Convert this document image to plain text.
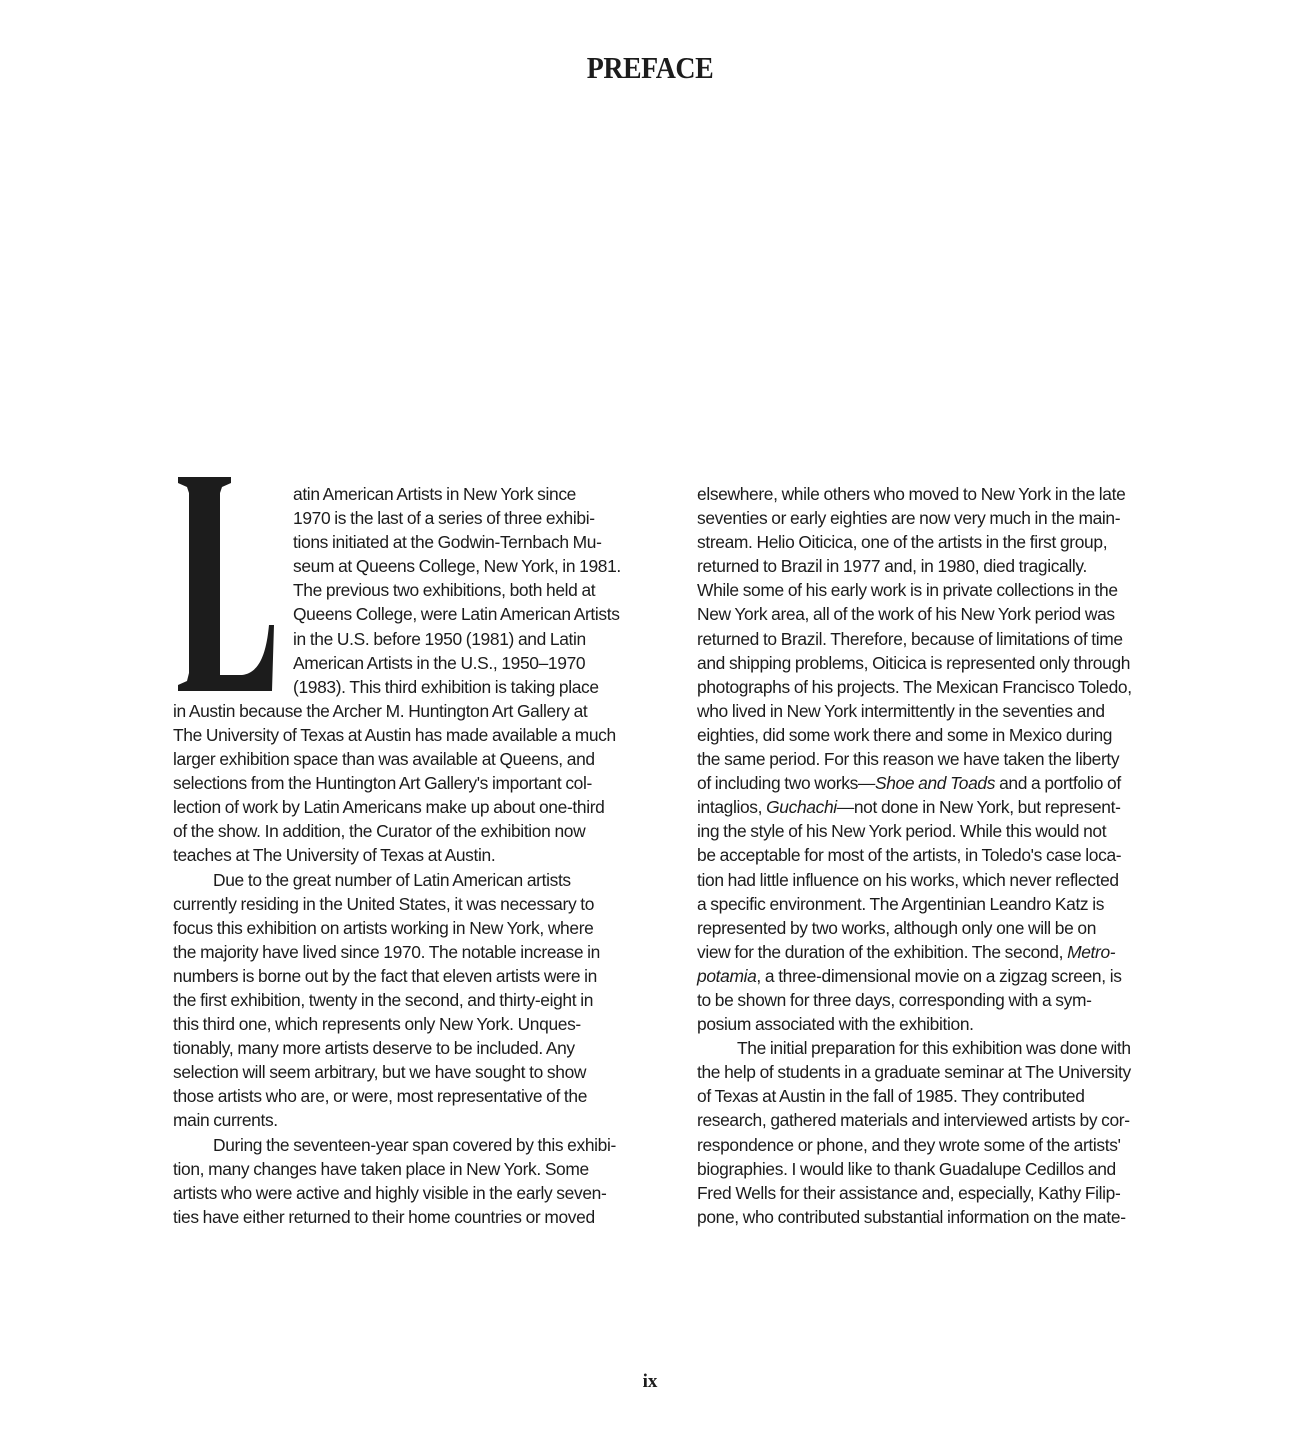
PREFACE

atin American Artists in New York since
1970 is the last of a series of three exhibi-
tions initiated at the Godwin-Ternbach Mu-
seum at Queens College, New York, in 1981.
The previous two exhibitions, both held at
Queens College, were Latin American Artists
in the U.S. before 1950 (1981) and Latin
American Artists in the U.S., 1950–1970
(1983). This third exhibition is taking place
in Austin because the Archer M. Huntington Art Gallery at
The University of Texas at Austin has made available a much
larger exhibition space than was available at Queens, and
selections from the Huntington Art Gallery's important col-
lection of work by Latin Americans make up about one-third
of the show. In addition, the Curator of the exhibition now
teaches at The University of Texas at Austin.

Due to the great number of Latin American artists
currently residing in the United States, it was necessary to
focus this exhibition on artists working in New York, where
the majority have lived since 1970. The notable increase in
numbers is borne out by the fact that eleven artists were in
the first exhibition, twenty in the second, and thirty-eight in
this third one, which represents only New York. Unques-
tionably, many more artists deserve to be included. Any
selection will seem arbitrary, but we have sought to show
those artists who are, or were, most representative of the
main currents.

During the seventeen-year span covered by this exhibi-
tion, many changes have taken place in New York. Some
artists who were active and highly visible in the early seven-
ties have either returned to their home countries or moved

elsewhere, while others who moved to New York in the late
seventies or early eighties are now very much in the main-
stream. Helio Oiticica, one of the artists in the first group,
returned to Brazil in 1977 and, in 1980, died tragically.
While some of his early work is in private collections in the
New York area, all of the work of his New York period was
returned to Brazil. Therefore, because of limitations of time
and shipping problems, Oiticica is represented only through
photographs of his projects. The Mexican Francisco Toledo,
who lived in New York intermittently in the seventies and
eighties, did some work there and some in Mexico during
the same period. For this reason we have taken the liberty
of including two works—Shoe and Toads and a portfolio of
intaglios, Guchachi—not done in New York, but represent-
ing the style of his New York period. While this would not
be acceptable for most of the artists, in Toledo's case loca-
tion had little influence on his works, which never reflected
a specific environment. The Argentinian Leandro Katz is
represented by two works, although only one will be on
view for the duration of the exhibition. The second, Metro-
potamia, a three-dimensional movie on a zigzag screen, is
to be shown for three days, corresponding with a sym-
posium associated with the exhibition.

The initial preparation for this exhibition was done with
the help of students in a graduate seminar at The University
of Texas at Austin in the fall of 1985. They contributed
research, gathered materials and interviewed artists by cor-
respondence or phone, and they wrote some of the artists'
biographies. I would like to thank Guadalupe Cedillos and
Fred Wells for their assistance and, especially, Kathy Filip-
pone, who contributed substantial information on the mate-

ix
